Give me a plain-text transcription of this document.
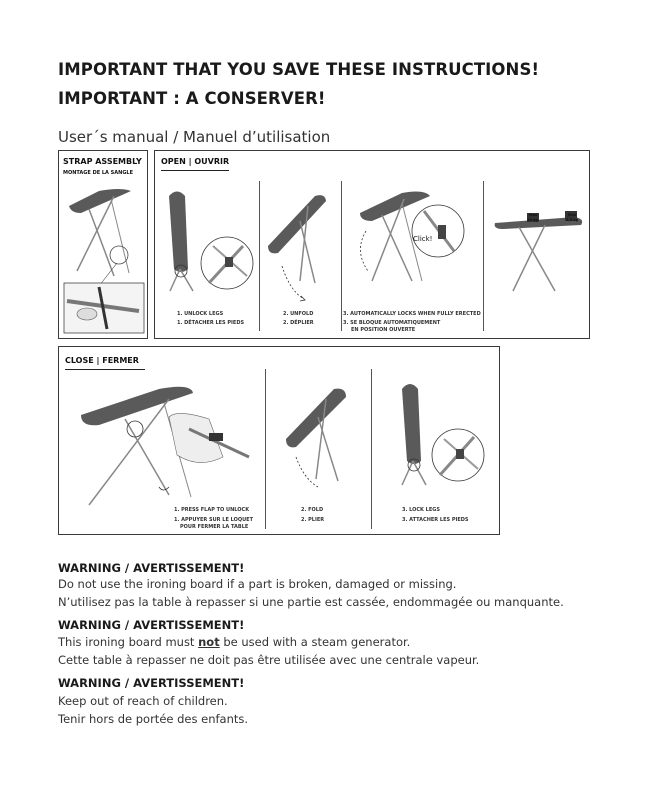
IMPORTANT THAT YOU SAVE THESE INSTRUCTIONS!
IMPORTANT : A CONSERVER!
User´s manual / Manuel d’utilisation
STRAP ASSEMBLY
MONTAGE DE LA SANGLE
OPEN | OUVRIR
1. UNLOCK LEGS
1. DÉTACHER LES PIEDS
2. UNFOLD
2. DÉPLIER
Click!
3. AUTOMATICALLY LOCKS WHEN FULLY ERECTED
3. SE BLOQUE AUTOMATIQUEMENT
EN POSITION OUVERTE
Max
20 kg
Max
2,5 kg
CLOSE | FERMER
1. PRESS FLAP TO UNLOCK
1. APPUYER SUR LE LOQUET
POUR FERMER LA TABLE
2. FOLD
2. PLIER
3. LOCK LEGS
3. ATTACHER LES PIEDS
WARNING / AVERTISSEMENT!
Do not use the ironing board if a part is broken, damaged or missing.
N’utilisez pas la table à repasser si une partie est cassée, endommagée ou manquante.
WARNING / AVERTISSEMENT!
This ironing board must not be used with a steam generator.
Cette table à repasser ne doit pas être utilisée avec une centrale vapeur.
WARNING / AVERTISSEMENT!
Keep out of reach of children.
Tenir hors de portée des enfants.
